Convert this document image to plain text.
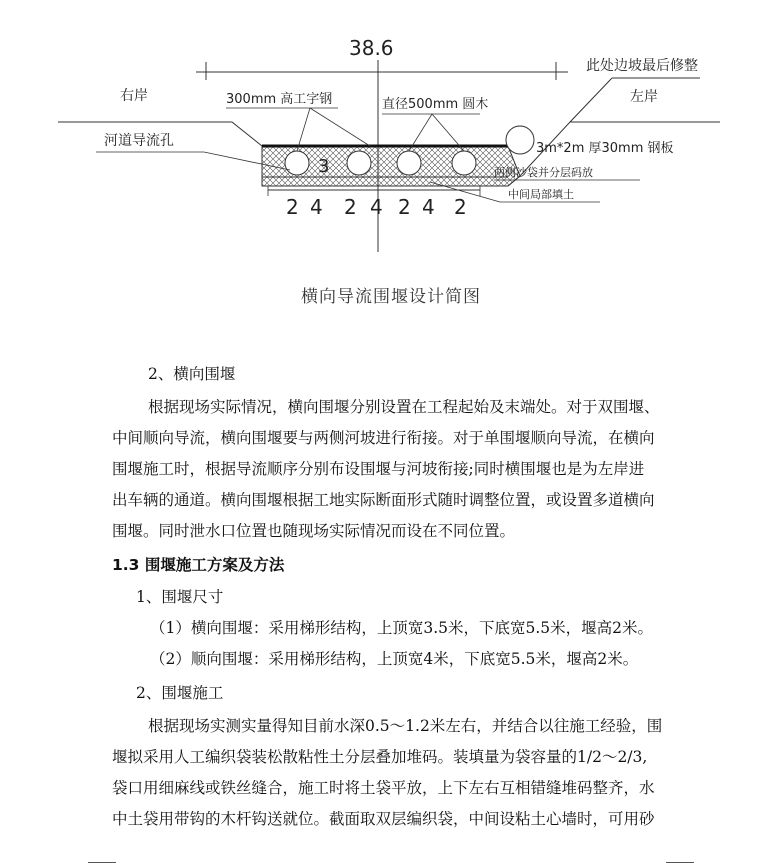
38.6
3
右岸	左岸
此处边坡最后修整
300mm 高工字钢	直径500mm 圆木
河道导流孔	3m*2m 厚30mm 钢板
两侧沙袋并分层码放
中间局部填土
2 4 2 4 2 4 2
横向导流围堰设计简图
2、横向围堰
根据现场实际情况，横向围堰分别设置在工程起始及末端处。对于双围堰、
中间顺向导流，横向围堰要与两侧河坡进行衔接。对于单围堰顺向导流，在横向
围堰施工时，根据导流顺序分别布设围堰与河坡衔接;同时横围堰也是为左岸进
出车辆的通道。横向围堰根据工地实际断面形式随时调整位置，或设置多道横向
围堰。同时泄水口位置也随现场实际情况而设在不同位置。
1.3 围堰施工方案及方法
1、围堰尺寸
（1）横向围堰：采用梯形结构，上顶宽3.5米，下底宽5.5米，堰高2米。
（2）顺向围堰：采用梯形结构，上顶宽4米，下底宽5.5米，堰高2米。
2、围堰施工
根据现场实测实量得知目前水深0.5～1.2米左右，并结合以往施工经验，围
堰拟采用人工编织袋装松散粘性土分层叠加堆码。装填量为袋容量的1/2～2/3,
袋口用细麻线或铁丝缝合，施工时将土袋平放，上下左右互相错缝堆码整齐，水
中土袋用带钩的木杆钩送就位。截面取双层编织袋，中间设粘土心墙时，可用砂
